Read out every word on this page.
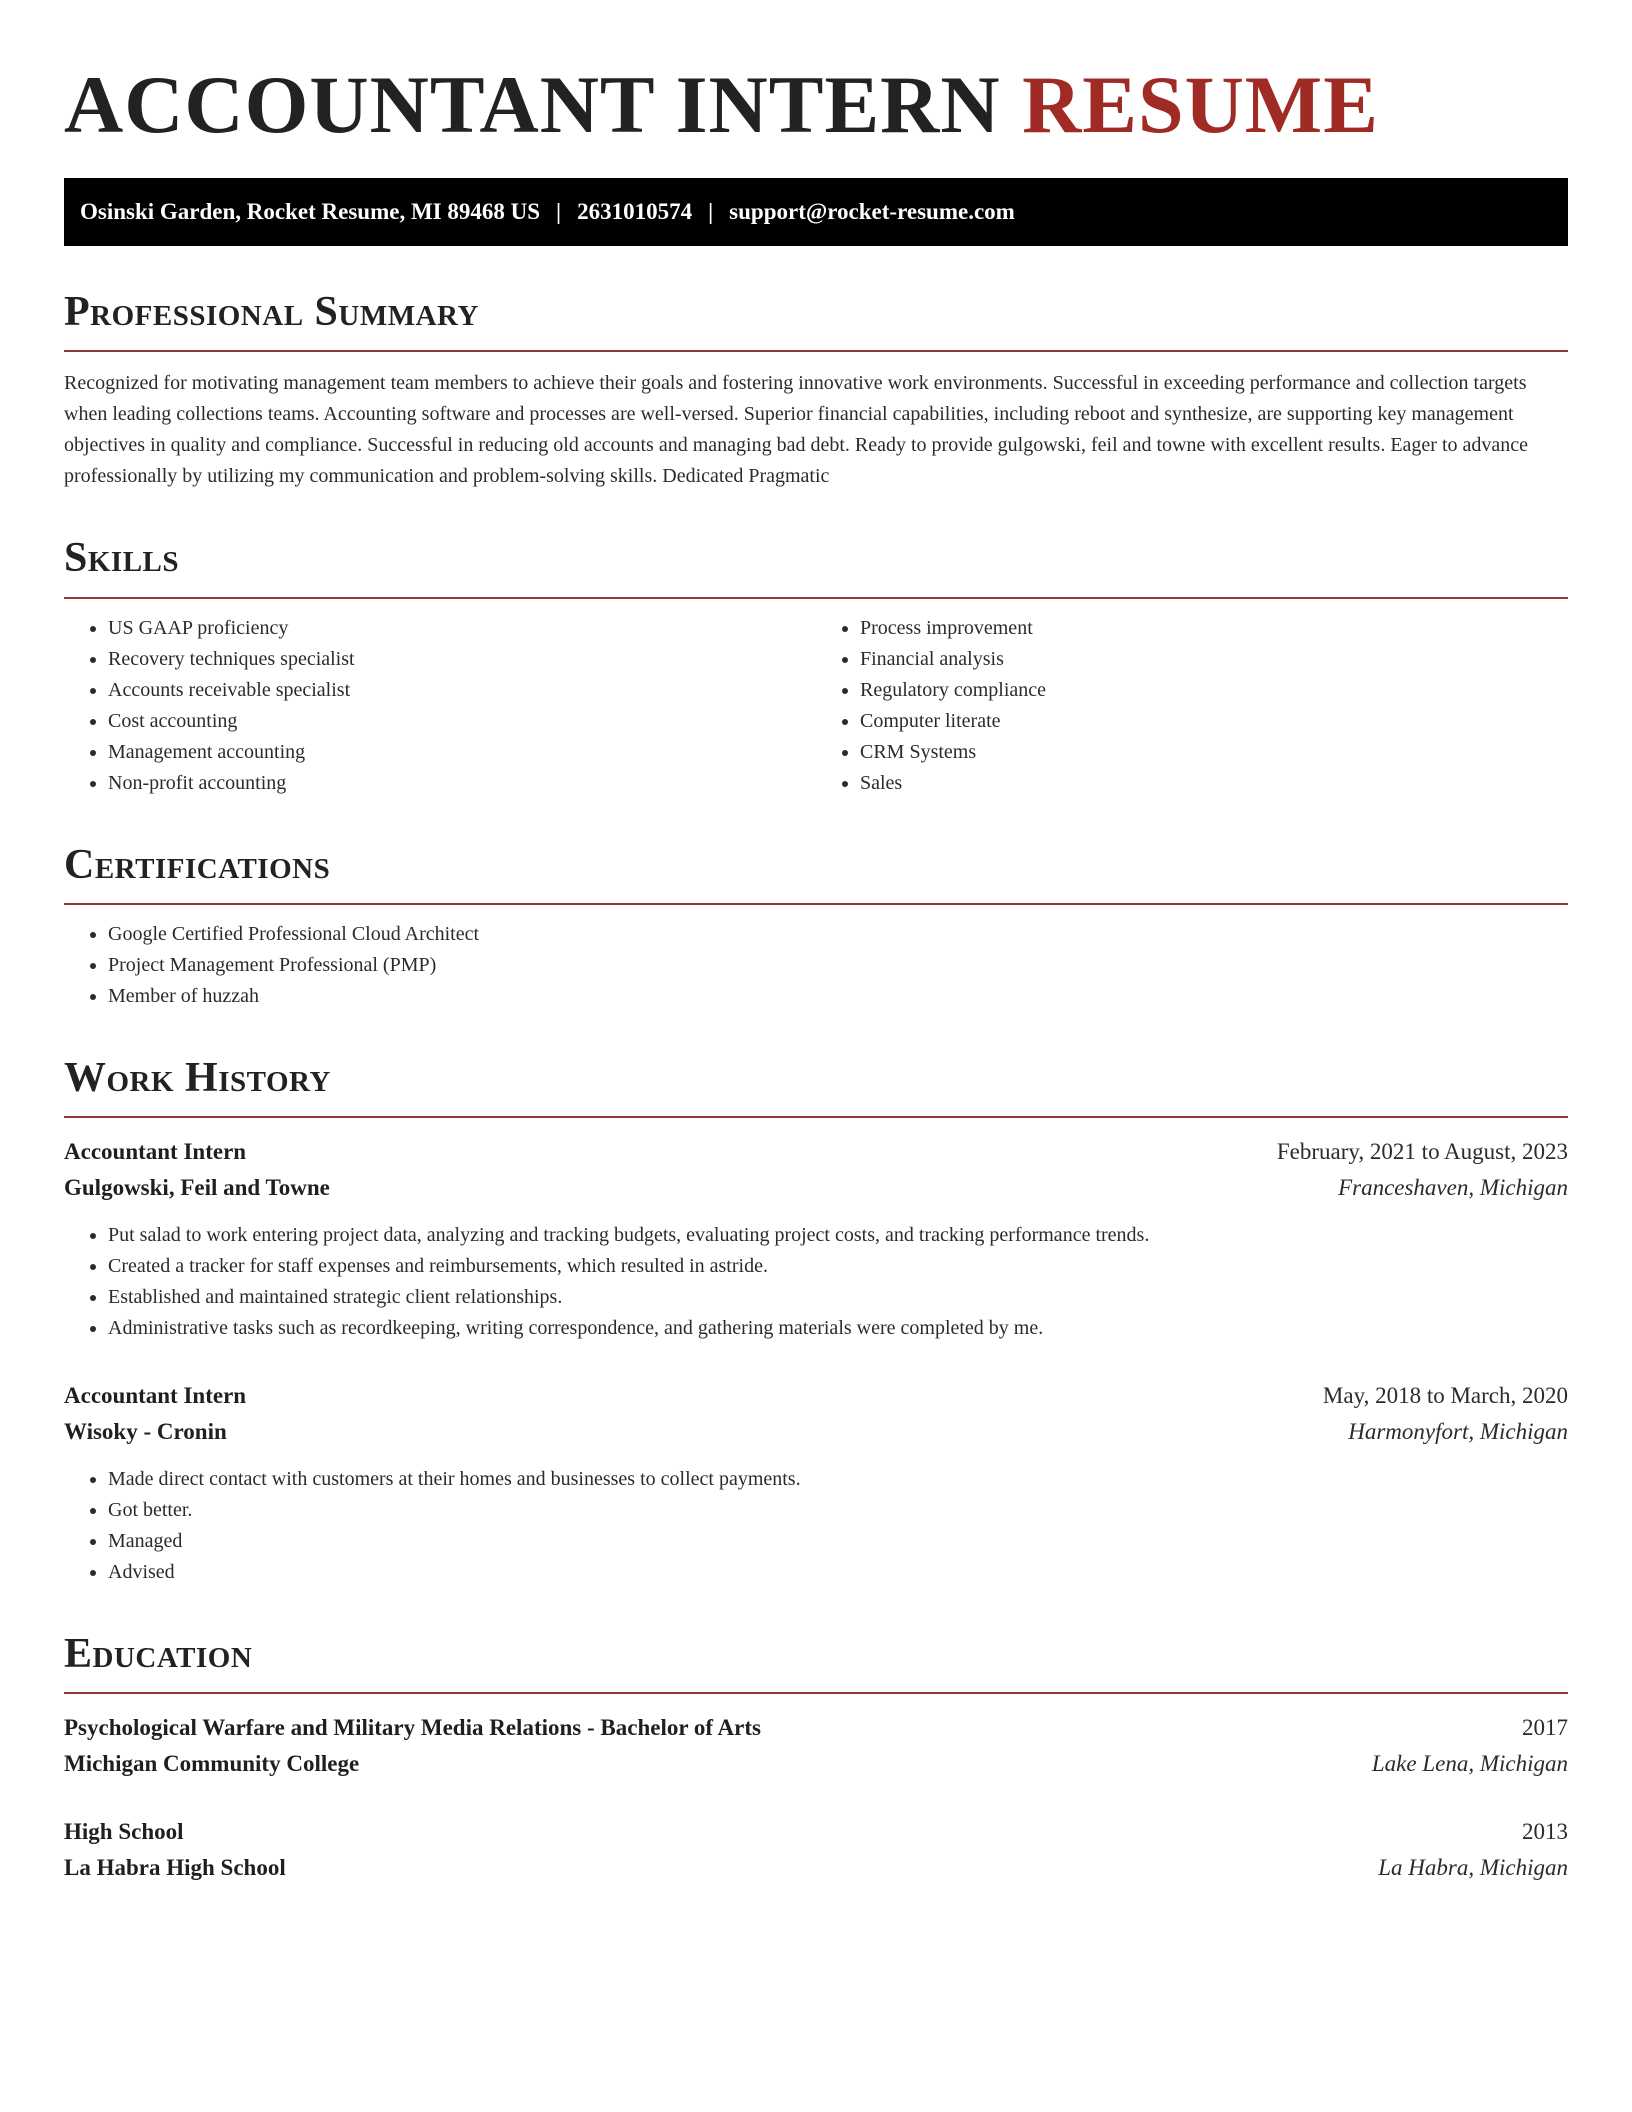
ACCOUNTANT INTERN RESUME
Osinski Garden, Rocket Resume, MI 89468 US | 2631010574 | support@rocket-resume.com
Professional Summary

Recognized for motivating management team members to achieve their goals and fostering innovative work environments. Successful in exceeding performance and collection targets when leading collections teams. Accounting software and processes are well-versed. Superior financial capabilities, including reboot and synthesize, are supporting key management objectives in quality and compliance. Successful in reducing old accounts and managing bad debt. Ready to provide gulgowski, feil and towne with excellent results. Eager to advance professionally by utilizing my communication and problem-solving skills. Dedicated Pragmatic

Skills
• US GAAP proficiency
• Recovery techniques specialist
• Accounts receivable specialist
• Cost accounting
• Management accounting
• Non-profit accounting
• Process improvement
• Financial analysis
• Regulatory compliance
• Computer literate
• CRM Systems
• Sales
Certifications
• Google Certified Professional Cloud Architect
• Project Management Professional (PMP)
• Member of huzzah
Work History
Accountant Intern	February, 2021 to August, 2023
Gulgowski, Feil and Towne	Franceshaven, Michigan
• Put salad to work entering project data, analyzing and tracking budgets, evaluating project costs, and tracking performance trends.
• Created a tracker for staff expenses and reimbursements, which resulted in astride.
• Established and maintained strategic client relationships.
• Administrative tasks such as recordkeeping, writing correspondence, and gathering materials were completed by me.
Accountant Intern	May, 2018 to March, 2020
Wisoky - Cronin	Harmonyfort, Michigan
• Made direct contact with customers at their homes and businesses to collect payments.
• Got better.
• Managed
• Advised
Education
Psychological Warfare and Military Media Relations - Bachelor of Arts	2017
Michigan Community College	Lake Lena, Michigan
High School	2013
La Habra High School	La Habra, Michigan
